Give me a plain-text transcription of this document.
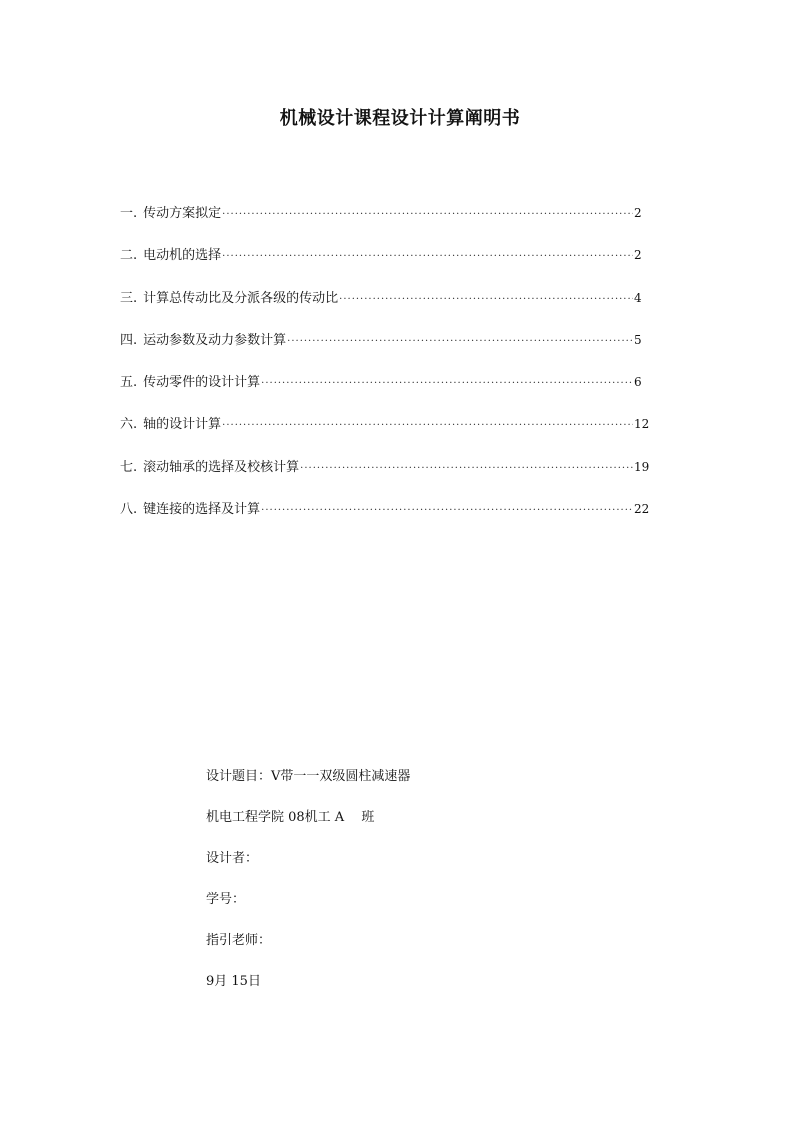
机械设计课程设计计算阐明书
一. 传动方案拟定 ·····	2
二. 电动机的选择 ·····	2
三. 计算总传动比及分派各级的传动比 ·····	4
四. 运动参数及动力参数计算 ·····	5
五. 传动零件的设计计算 ·····	6
六. 轴的设计计算 ·····	12
七. 滚动轴承的选择及校核计算 ·····	19
八. 键连接的选择及计算 ·····	22
设计题目：V带一一双级圆柱减速器
机电工程学院 08机工 A　 班
设计者：
学号：
指引老师：
9月 15日
